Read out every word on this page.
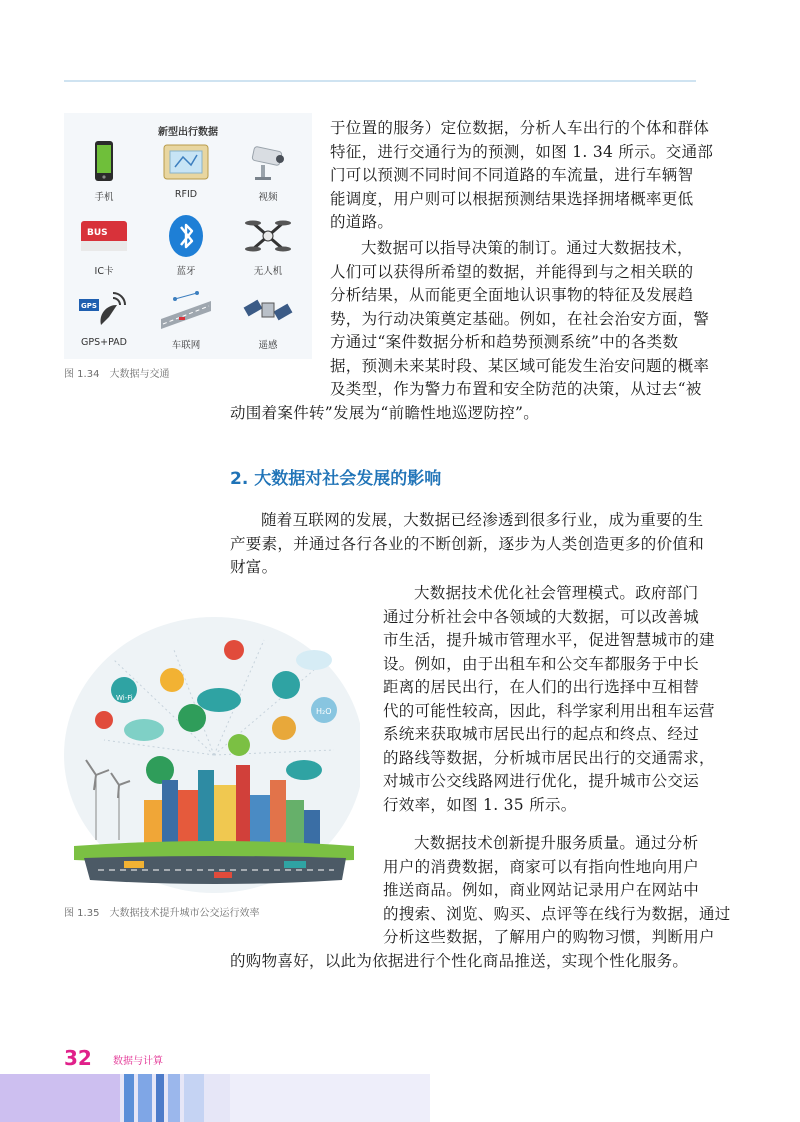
新型出行数据
手机	RFID	视频
BUS
IC卡	蓝牙	无人机
GPS
GPS+PAD	车联网	遥感
图 1.34　大数据与交通
于位置的服务）定位数据，分析人车出行的个体和群体
特征，进行交通行为的预测，如图 1. 34 所示。交通部
门可以预测不同时间不同道路的车流量，进行车辆智
能调度，用户则可以根据预测结果选择拥堵概率更低
的道路。
大数据可以指导决策的制订。通过大数据技术，
人们可以获得所希望的数据，并能得到与之相关联的
分析结果，从而能更全面地认识事物的特征及发展趋
势，为行动决策奠定基础。例如，在社会治安方面，警
方通过“案件数据分析和趋势预测系统”中的各类数
据，预测未来某时段、某区域可能发生治安问题的概率
及类型，作为警力布置和安全防范的决策，从过去“被
动围着案件转”发展为“前瞻性地巡逻防控”。
2. 大数据对社会发展的影响
随着互联网的发展，大数据已经渗透到很多行业，成为重要的生
产要素，并通过各行各业的不断创新，逐步为人类创造更多的价值和
财富。
H₂O
Wi-Fi
图 1.35　大数据技术提升城市公交运行效率
大数据技术优化社会管理模式。政府部门
通过分析社会中各领域的大数据，可以改善城
市生活，提升城市管理水平，促进智慧城市的建
设。例如，由于出租车和公交车都服务于中长
距离的居民出行，在人们的出行选择中互相替
代的可能性较高，因此，科学家利用出租车运营
系统来获取城市居民出行的起点和终点、经过
的路线等数据，分析城市居民出行的交通需求，
对城市公交线路网进行优化，提升城市公交运
行效率，如图 1. 35 所示。
大数据技术创新提升服务质量。通过分析
用户的消费数据，商家可以有指向性地向用户
推送商品。例如，商业网站记录用户在网站中
的搜索、浏览、购买、点评等在线行为数据，通过
分析这些数据，了解用户的购物习惯，判断用户
的购物喜好，以此为依据进行个性化商品推送，实现个性化服务。
32 数据与计算
